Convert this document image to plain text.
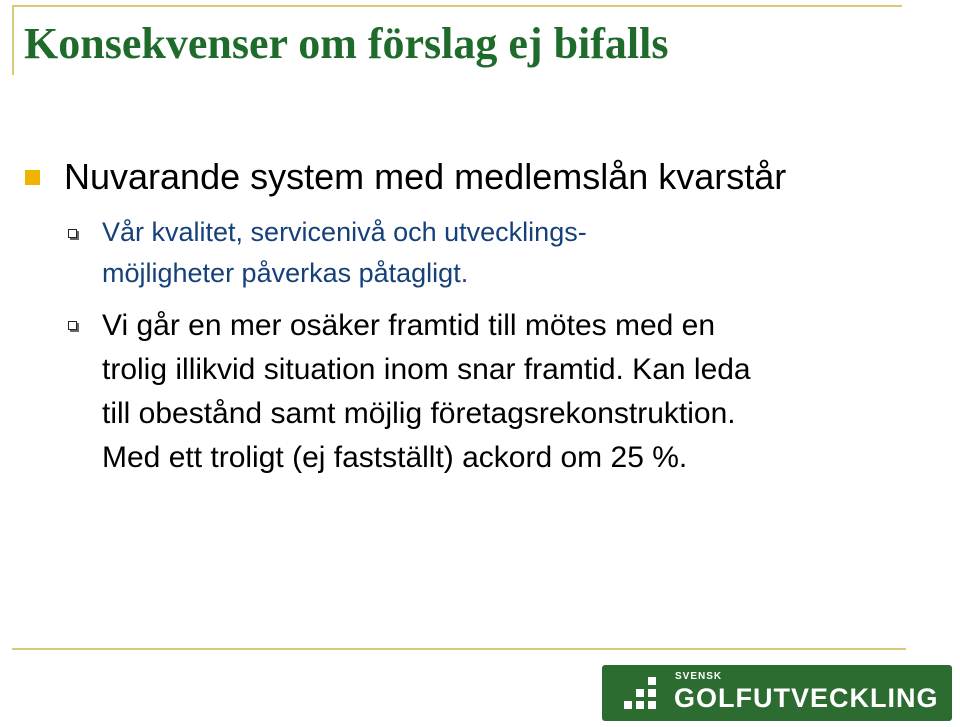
Konsekvenser om förslag ej bifalls
Nuvarande system med medlemslån kvarstår
Vår kvalitet, servicenivå och utvecklings-
möjligheter påverkas påtagligt.
Vi går en mer osäker framtid till mötes med en
trolig illikvid situation inom snar framtid. Kan leda
till obestånd samt möjlig företagsrekonstruktion.
Med ett troligt (ej fastställt) ackord om 25 %.
SVENSK
GOLFUTVECKLING
